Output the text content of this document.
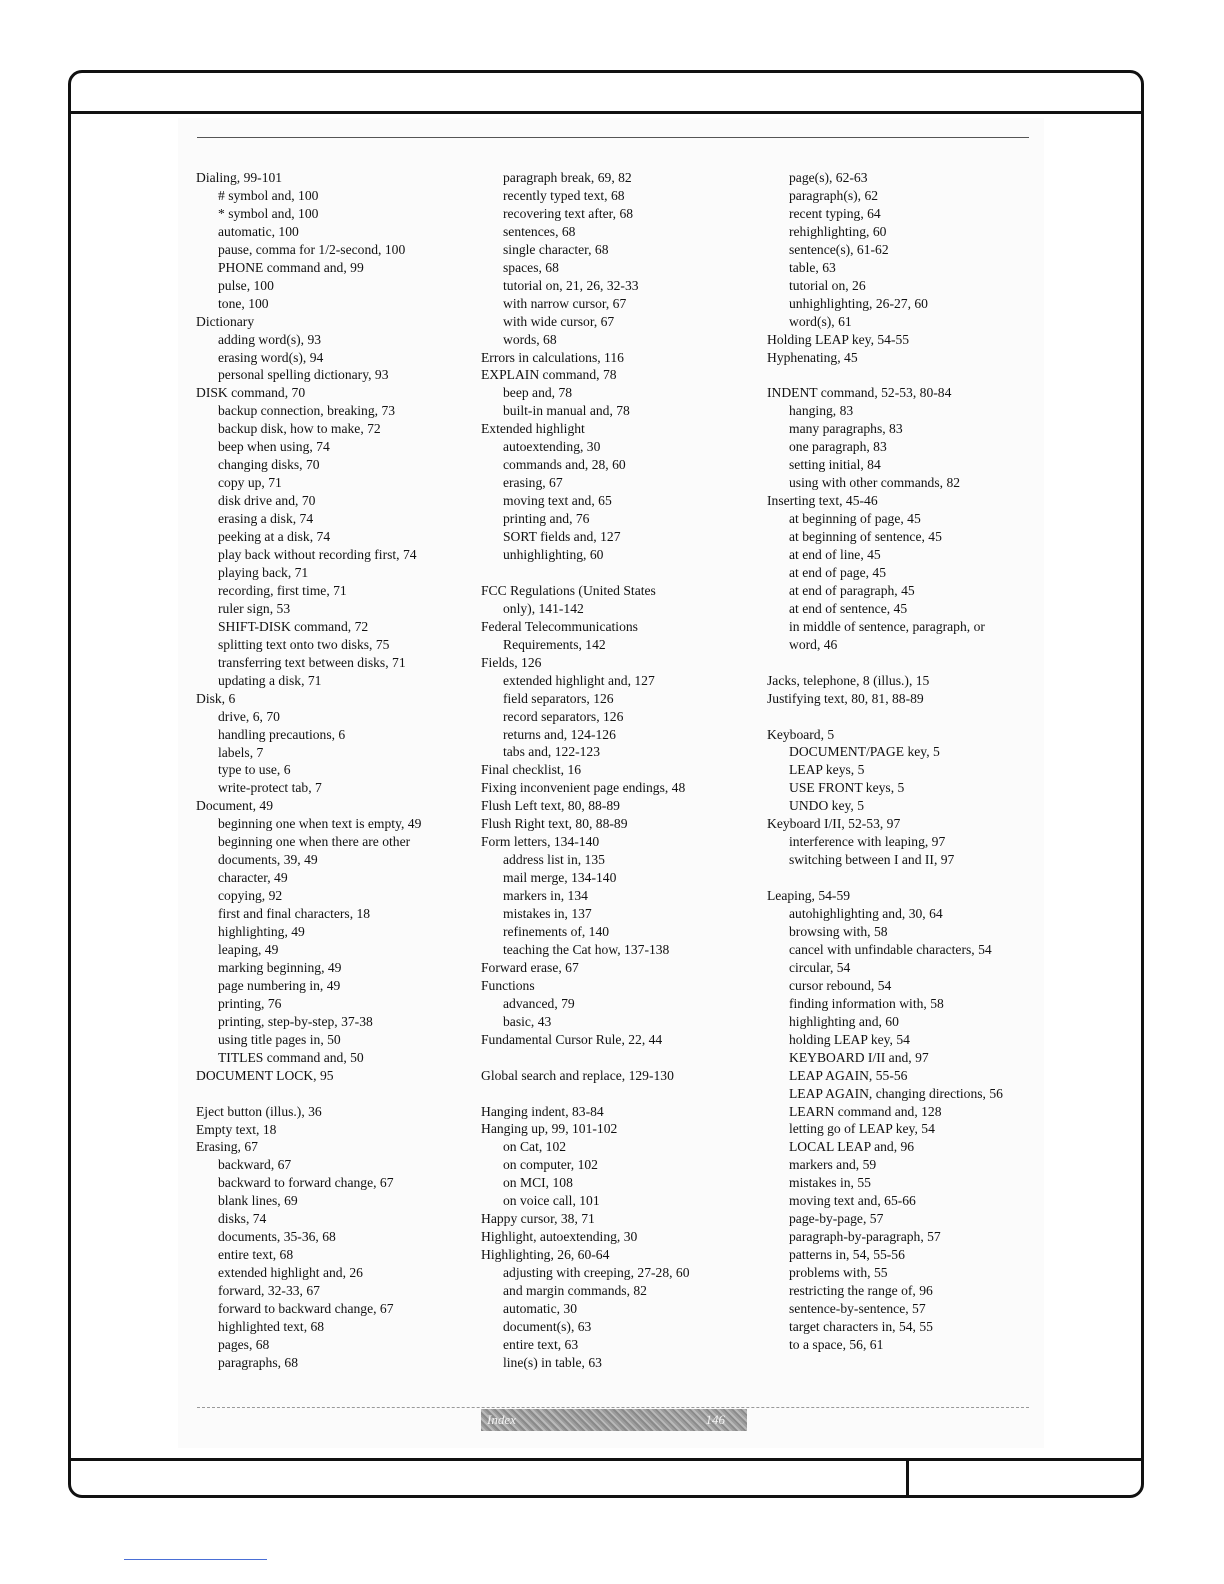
Dialing, 99-101
# symbol and, 100
* symbol and, 100
automatic, 100
pause, comma for 1/2-second, 100
PHONE command and, 99
pulse, 100
tone, 100
Dictionary
adding word(s), 93
erasing word(s), 94
personal spelling dictionary, 93
DISK command, 70
backup connection, breaking, 73
backup disk, how to make, 72
beep when using, 74
changing disks, 70
copy up, 71
disk drive and, 70
erasing a disk, 74
peeking at a disk, 74
play back without recording first, 74
playing back, 71
recording, first time, 71
ruler sign, 53
SHIFT-DISK command, 72
splitting text onto two disks, 75
transferring text between disks, 71
updating a disk, 71
Disk, 6
drive, 6, 70
handling precautions, 6
labels, 7
type to use, 6
write-protect tab, 7
Document, 49
beginning one when text is empty, 49
beginning one when there are other
documents, 39, 49
character, 49
copying, 92
first and final characters, 18
highlighting, 49
leaping, 49
marking beginning, 49
page numbering in, 49
printing, 76
printing, step-by-step, 37-38
using title pages in, 50
TITLES command and, 50
DOCUMENT LOCK, 95
Eject button (illus.), 36
Empty text, 18
Erasing, 67
backward, 67
backward to forward change, 67
blank lines, 69
disks, 74
documents, 35-36, 68
entire text, 68
extended highlight and, 26
forward, 32-33, 67
forward to backward change, 67
highlighted text, 68
pages, 68
paragraphs, 68
paragraph break, 69, 82
recently typed text, 68
recovering text after, 68
sentences, 68
single character, 68
spaces, 68
tutorial on, 21, 26, 32-33
with narrow cursor, 67
with wide cursor, 67
words, 68
Errors in calculations, 116
EXPLAIN command, 78
beep and, 78
built-in manual and, 78
Extended highlight
autoextending, 30
commands and, 28, 60
erasing, 67
moving text and, 65
printing and, 76
SORT fields and, 127
unhighlighting, 60
FCC Regulations (United States
only), 141-142
Federal Telecommunications
Requirements, 142
Fields, 126
extended highlight and, 127
field separators, 126
record separators, 126
returns and, 124-126
tabs and, 122-123
Final checklist, 16
Fixing inconvenient page endings, 48
Flush Left text, 80, 88-89
Flush Right text, 80, 88-89
Form letters, 134-140
address list in, 135
mail merge, 134-140
markers in, 134
mistakes in, 137
refinements of, 140
teaching the Cat how, 137-138
Forward erase, 67
Functions
advanced, 79
basic, 43
Fundamental Cursor Rule, 22, 44
Global search and replace, 129-130
Hanging indent, 83-84
Hanging up, 99, 101-102
on Cat, 102
on computer, 102
on MCI, 108
on voice call, 101
Happy cursor, 38, 71
Highlight, autoextending, 30
Highlighting, 26, 60-64
adjusting with creeping, 27-28, 60
and margin commands, 82
automatic, 30
document(s), 63
entire text, 63
line(s) in table, 63
page(s), 62-63
paragraph(s), 62
recent typing, 64
rehighlighting, 60
sentence(s), 61-62
table, 63
tutorial on, 26
unhighlighting, 26-27, 60
word(s), 61
Holding LEAP key, 54-55
Hyphenating, 45
INDENT command, 52-53, 80-84
hanging, 83
many paragraphs, 83
one paragraph, 83
setting initial, 84
using with other commands, 82
Inserting text, 45-46
at beginning of page, 45
at beginning of sentence, 45
at end of line, 45
at end of page, 45
at end of paragraph, 45
at end of sentence, 45
in middle of sentence, paragraph, or
word, 46
Jacks, telephone, 8 (illus.), 15
Justifying text, 80, 81, 88-89
Keyboard, 5
DOCUMENT/PAGE key, 5
LEAP keys, 5
USE FRONT keys, 5
UNDO key, 5
Keyboard I/II, 52-53, 97
interference with leaping, 97
switching between I and II, 97
Leaping, 54-59
autohighlighting and, 30, 64
browsing with, 58
cancel with unfindable characters, 54
circular, 54
cursor rebound, 54
finding information with, 58
highlighting and, 60
holding LEAP key, 54
KEYBOARD I/II and, 97
LEAP AGAIN, 55-56
LEAP AGAIN, changing directions, 56
LEARN command and, 128
letting go of LEAP key, 54
LOCAL LEAP and, 96
markers and, 59
mistakes in, 55
moving text and, 65-66
page-by-page, 57
paragraph-by-paragraph, 57
patterns in, 54, 55-56
problems with, 55
restricting the range of, 96
sentence-by-sentence, 57
target characters in, 54, 55
to a space, 56, 61
Index	146
